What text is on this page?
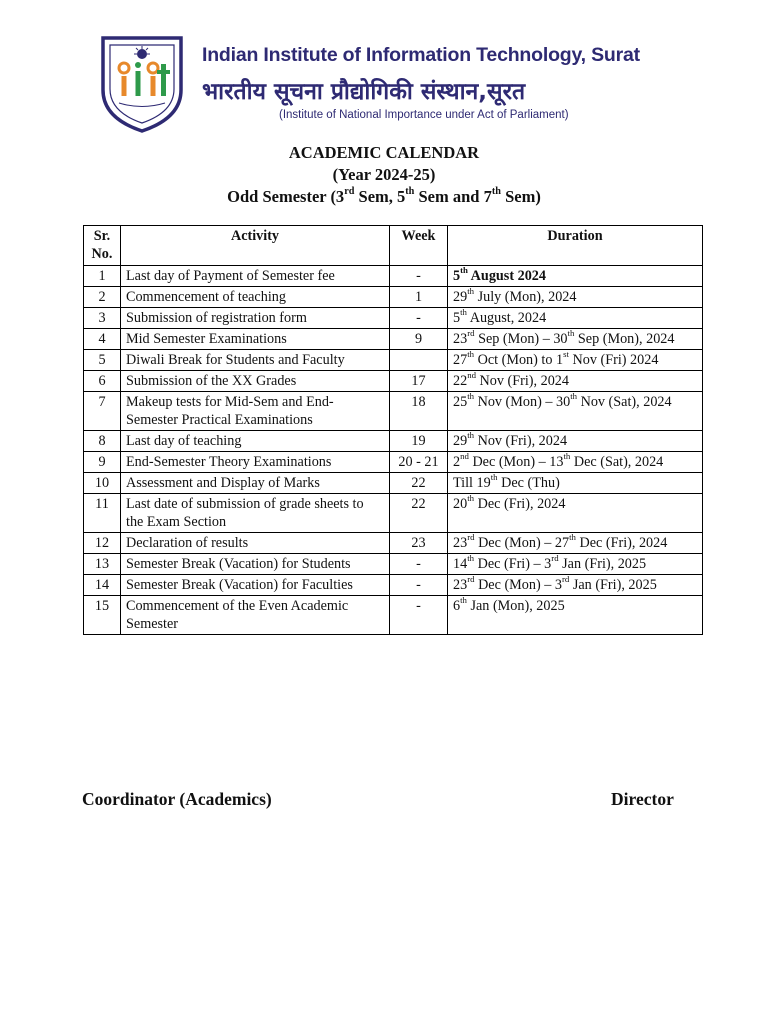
Indian Institute of Information Technology, Surat
भारतीय सूचना प्रौद्योगिकी संस्थान,सूरत
(Institute of National Importance under Act of Parliament)
ACADEMIC CALENDAR
(Year 2024-25)
Odd Semester (3rd Sem, 5th Sem and 7th Sem)
Sr.
No.	Activity	Week	Duration
1	Last day of Payment of Semester fee	-	5th August 2024
2	Commencement of teaching	1	29th July (Mon), 2024
3	Submission of registration form	-	5th August, 2024
4	Mid Semester Examinations	9	23rd Sep (Mon) – 30th Sep (Mon), 2024
5	Diwali Break for Students and Faculty		27th Oct (Mon) to 1st Nov (Fri) 2024
6	Submission of the XX Grades	17	22nd Nov (Fri), 2024
7	Makeup tests for Mid-Sem and End-Semester Practical Examinations	18	25th Nov (Mon) – 30th Nov (Sat), 2024
8	Last day of teaching	19	29th Nov (Fri), 2024
9	End-Semester Theory Examinations	20 - 21	2nd Dec (Mon) – 13th Dec (Sat), 2024
10	Assessment and Display of Marks	22	Till 19th Dec (Thu)
11	Last date of submission of grade sheets to the Exam Section	22	20th Dec (Fri), 2024
12	Declaration of results	23	23rd Dec (Mon) – 27th Dec (Fri), 2024
13	Semester Break (Vacation) for Students	-	14th Dec (Fri) – 3rd Jan (Fri), 2025
14	Semester Break (Vacation) for Faculties	-	23rd Dec (Mon) – 3rd Jan (Fri), 2025
15	Commencement of the Even Academic Semester	-	6th Jan (Mon), 2025
Coordinator (Academics)	Director
